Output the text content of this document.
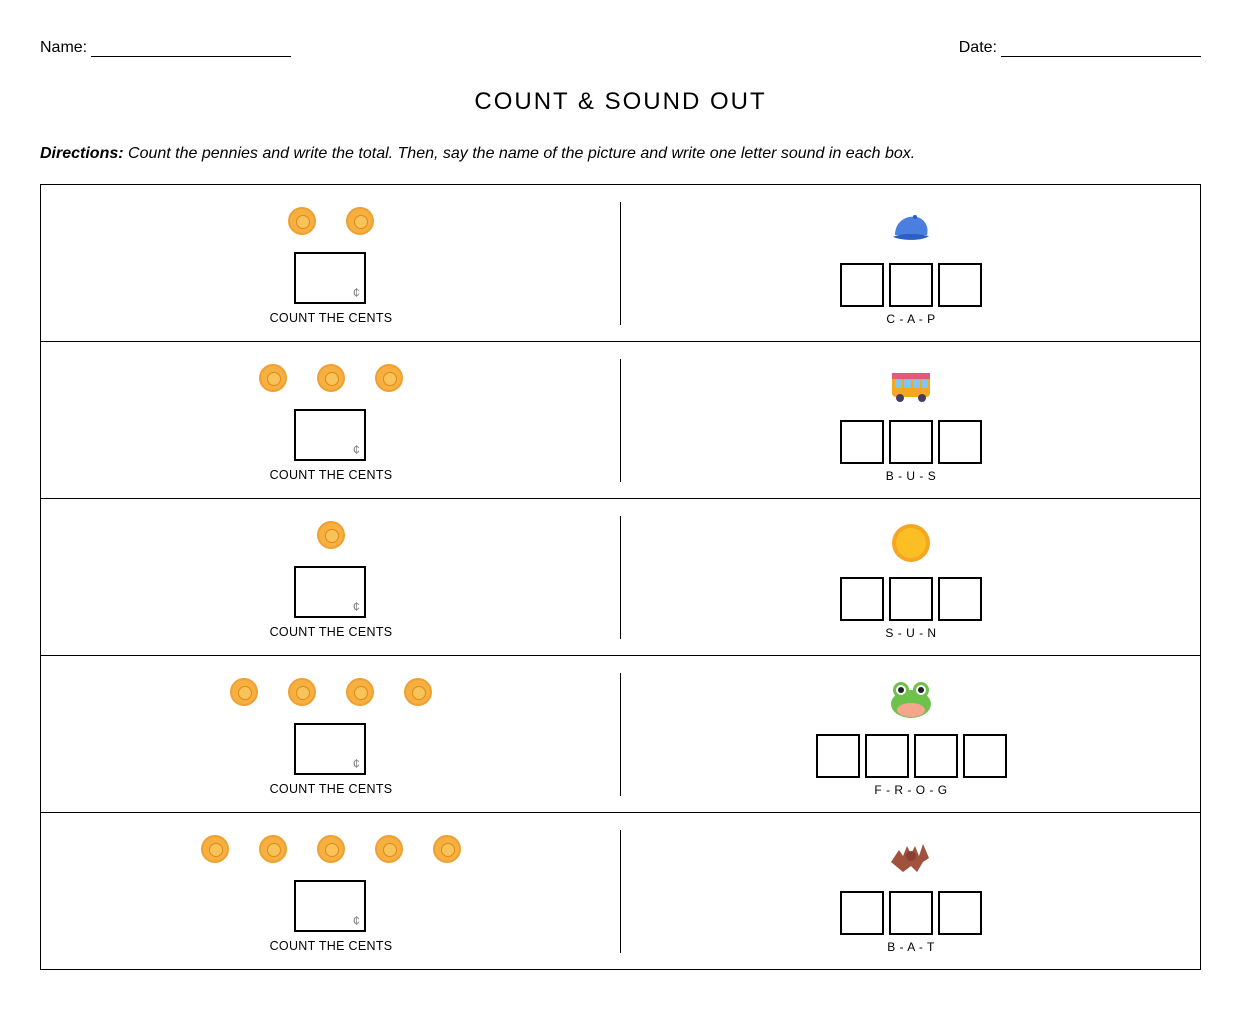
Name:	Date:
COUNT & SOUND OUT
Directions: Count the pennies and write the total. Then, say the name of the picture and write one letter sound in each box.
¢
COUNT THE CENTS	C - A - P
¢
COUNT THE CENTS	B - U - S
¢
COUNT THE CENTS	S - U - N
¢
COUNT THE CENTS	F - R - O - G
¢
COUNT THE CENTS	B - A - T
